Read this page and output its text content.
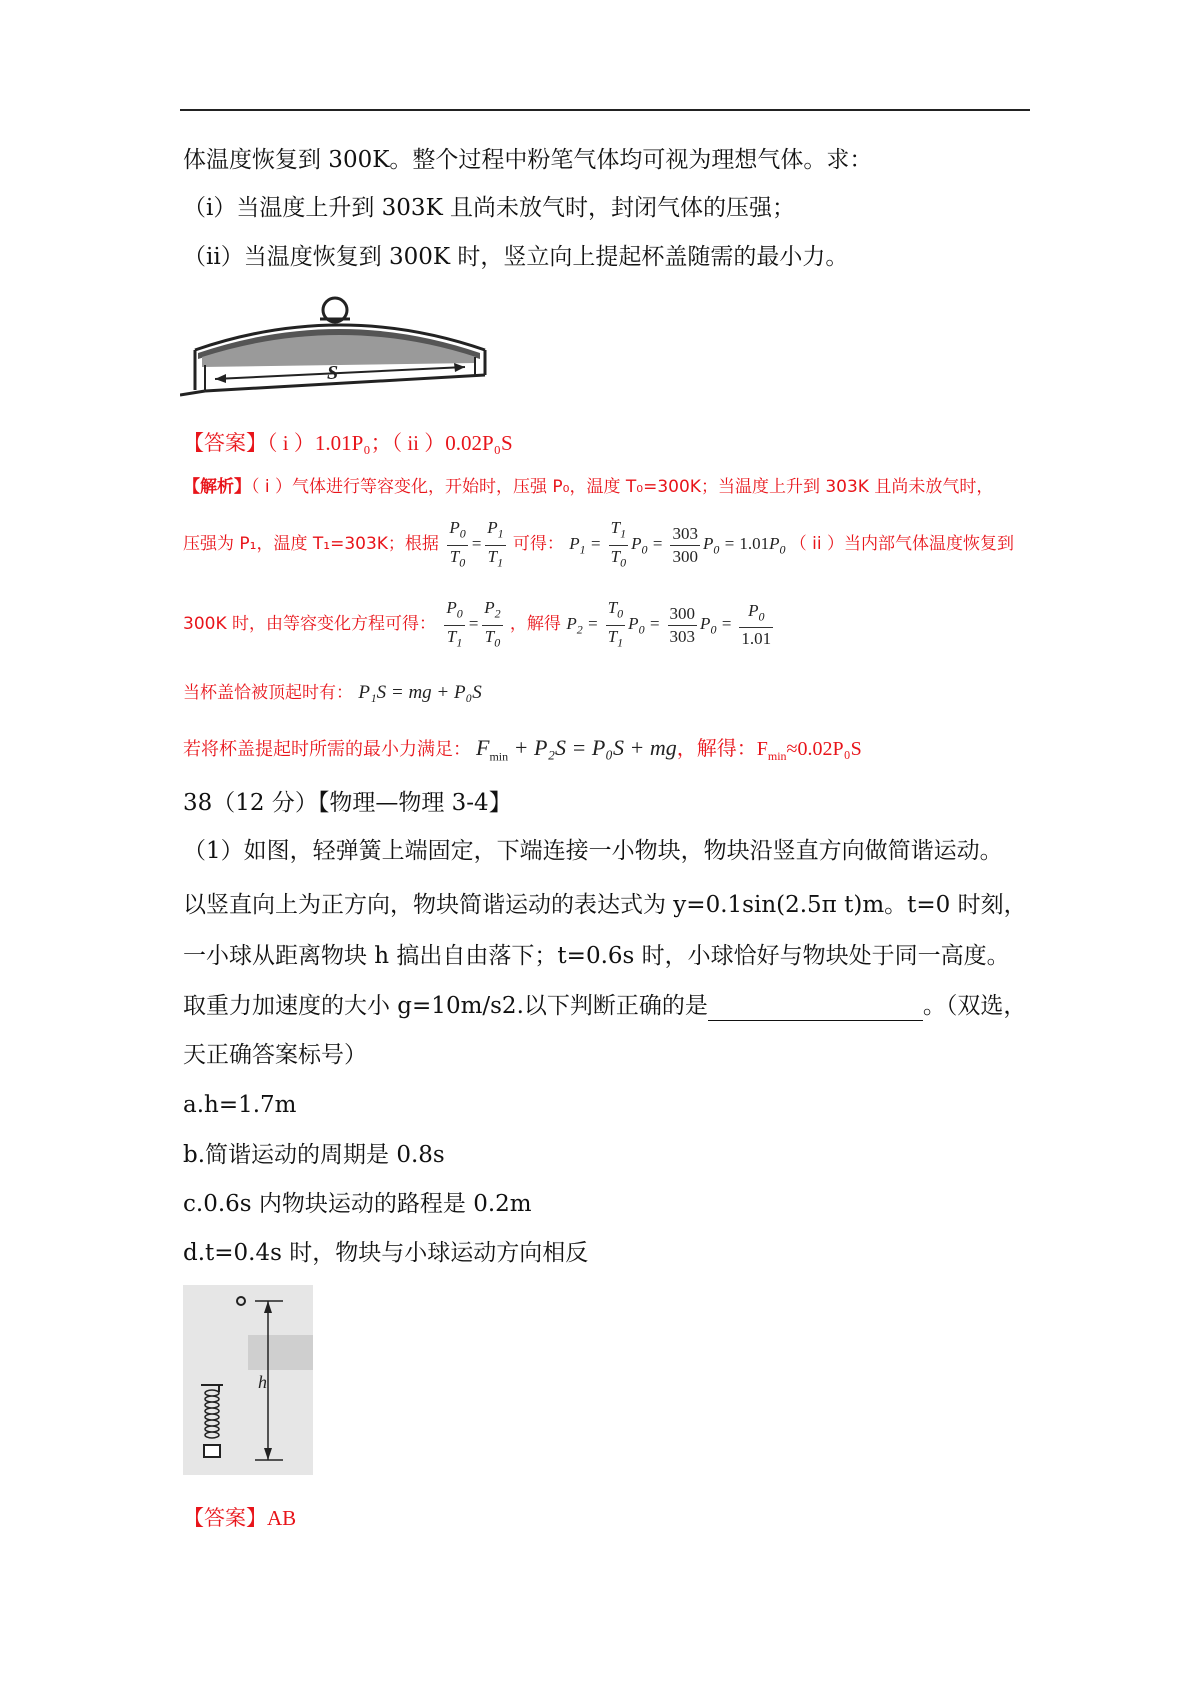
体温度恢复到 300K。整个过程中粉笔气体均可视为理想气体。求：
（i）当温度上升到 303K 且尚未放气时，封闭气体的压强；
（ii）当温度恢复到 300K 时，竖立向上提起杯盖随需的最小力。
S
【答案】（ i ）1.01P₀；（ ii ）0.02P₀S
【解析】（ i ）气体进行等容变化，开始时，压强 P₀，温度 T₀=300K；当温度上升到 303K 且尚未放气时，
压强为 P₁，温度 T₁=303K；根据 $\frac{P_0}{T_0} = \frac{P_1}{T_1}$ 可得： $P_1 = \frac{T_1}{T_0} P_0 = \frac{303}{300} P_0 = 1.01P_0$ （ ii ）当内部气体温度恢复到
300K 时，由等容变化方程可得： $\frac{P_0}{T_1} = \frac{P_2}{T_0}$ ，解得 $P_2 = \frac{T_0}{T_1} P_0 = \frac{300}{303} P_0 = \frac{P_0}{1.01}$
当杯盖恰被顶起时有： P₁S = mg + P₀S
若将杯盖提起时所需的最小力满足： $F_{min} + P_2S = P_0S$ + mg，解得：$F_{min}\approx 0.02P_0S$
38（12 分）【物理—物理 3-4】
（1）如图，轻弹簧上端固定，下端连接一小物块，物块沿竖直方向做简谐运动。
以竖直向上为正方向，物块简谐运动的表达式为 y=0.1sin(2.5π t)m。t=0 时刻，
一小球从距离物块 h 搞出自由落下；t=0.6s 时，小球恰好与物块处于同一高度。
取重力加速度的大小 g=10m/s2.以下判断正确的是	。（双选，
天正确答案标号）
a.h=1.7m
b.简谐运动的周期是 0.8s
c.0.6s 内物块运动的路程是 0.2m
d.t=0.4s 时，物块与小球运动方向相反
h
【答案】AB
